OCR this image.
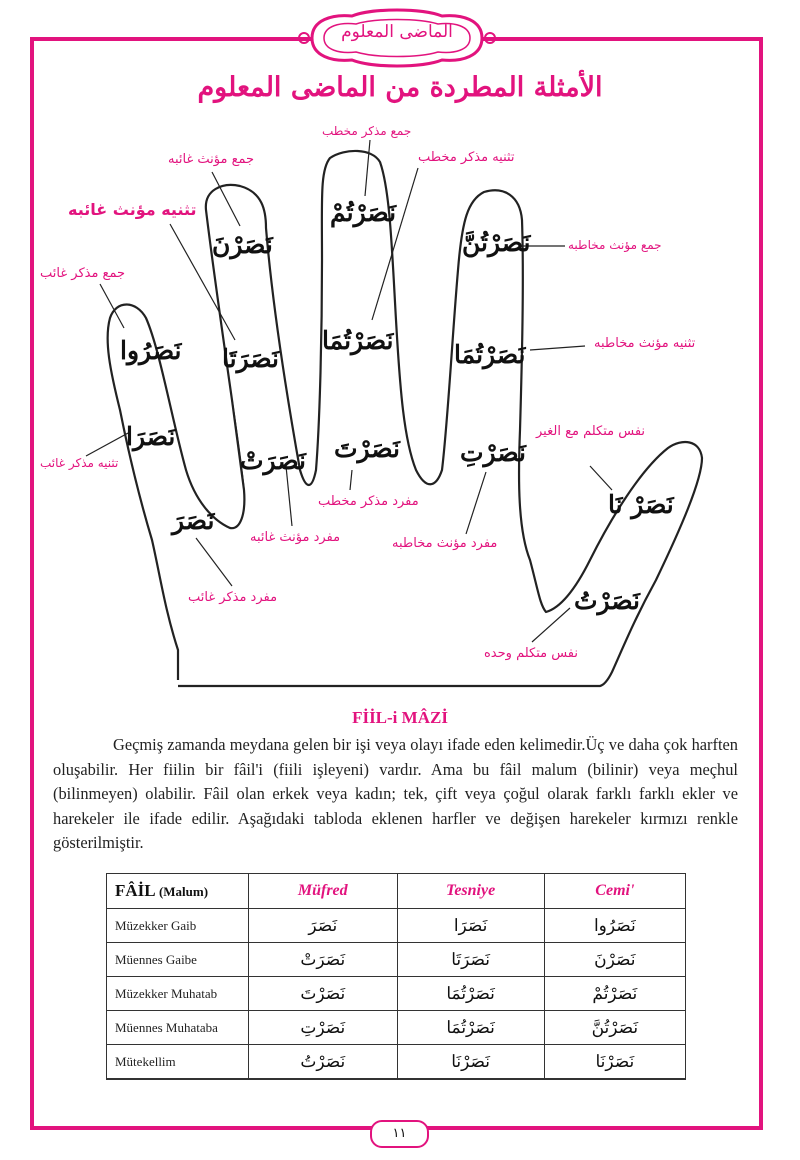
الماضى المعلوم
الأمثلة المطردة من الماضى المعلوم
جمع مذكر مخطب
تثنيه مذكر مخطب
جمع مؤنث غائبه
تثنيه مؤنث غائبه
جمع مذكر غائب
جمع مؤنث مخاطبه
تثنيه مؤنث مخاطبه
نفس متكلم مع الغير
تثنيه مذكر غائب
مفرد مذكر مخطب
مفرد مؤنث غائبه	مفرد مؤنث مخاطبه
مفرد مذكر غائب
نفس متكلم وحده
نَصَرْتُمْ
نَصَرْنَ	نَصَرْتُنَّ
نَصَرُوا نَصَرَتَا
نَصَرْتُمَا نَصَرْتُمَا
نَصَرَا
نَصَرَتْ نَصَرْتَ نَصَرْتِ
نَصَرْ نَا
نَصَرَ
نَصَرْتُ
FİİL-i MÂZİ
Geçmiş zamanda meydana gelen bir işi veya olayı ifade eden kelimedir.Üç ve daha çok harften oluşabilir. Her fiilin bir fâil'i (fiili işleyeni) vardır. Ama bu fâil malum (bilinir) veya meçhul (bilinmeyen) olabilir. Fâil olan erkek veya kadın; tek, çift veya çoğul olarak farklı farklı ekler ve harekeler ile ifade edilir. Aşağıdaki tabloda eklenen harfler ve değişen harekeler kırmızı renkle gösterilmiştir.
FÂİL (Malum)	Müfred	Tesniye	Cemi'
Müzekker Gaib	نَصَرَ	نَصَرَا	نَصَرُوا
Müennes Gaibe	نَصَرَتْ	نَصَرَتَا	نَصَرْنَ
Müzekker Muhatab	نَصَرْتَ	نَصَرْتُمَا	نَصَرْتُمْ
Müennes Muhataba	نَصَرْتِ	نَصَرْتُمَا	نَصَرْتُنَّ
Mütekellim	نَصَرْتُ	نَصَرْنَا	نَصَرْنَا
١١
